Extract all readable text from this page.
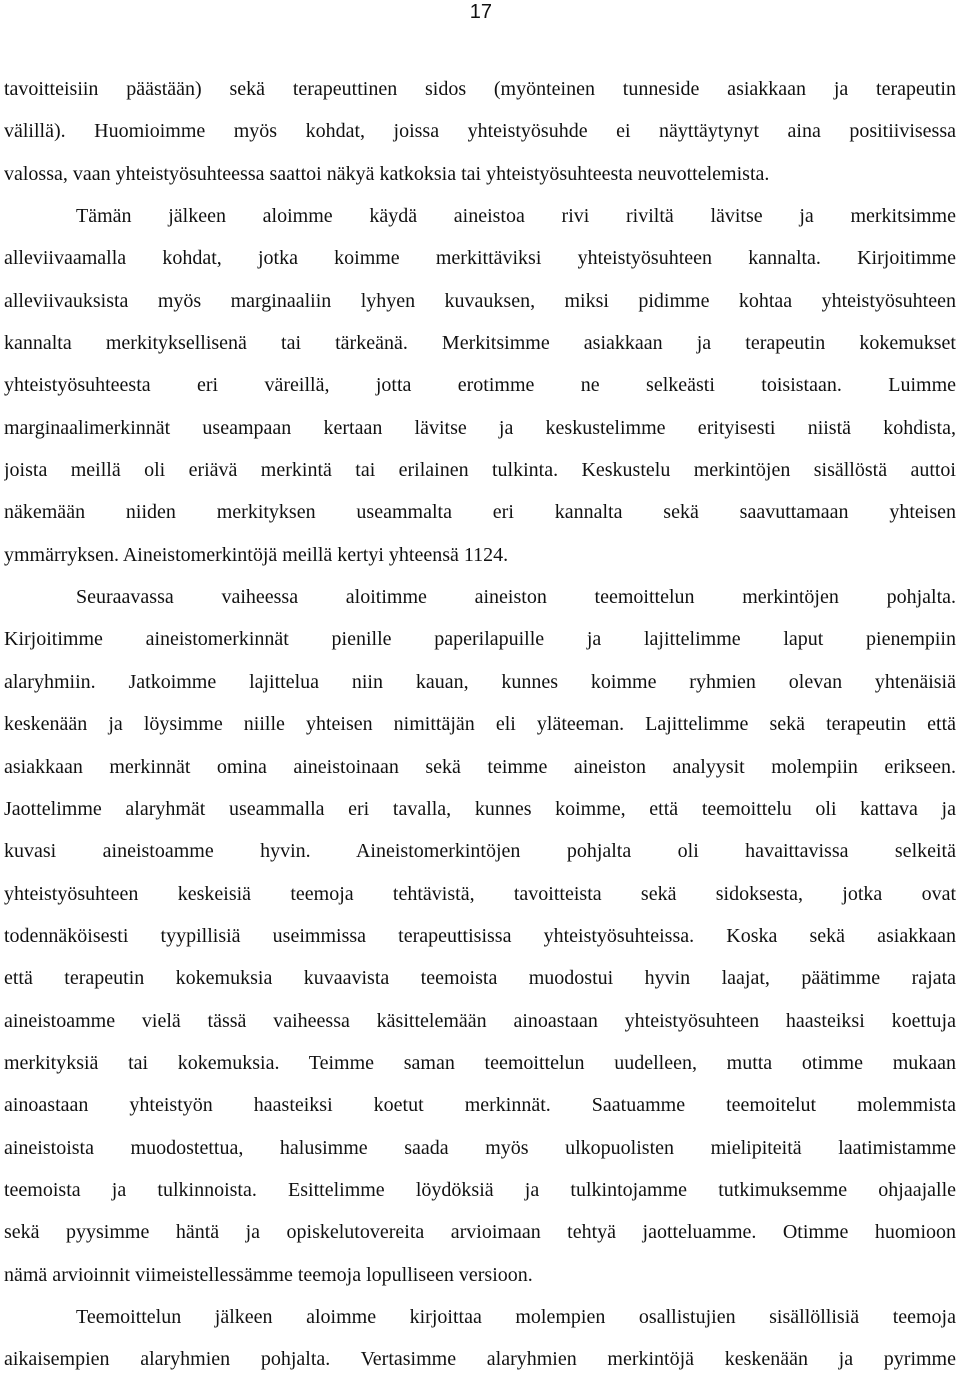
17
tavoitteisiin päästään) sekä terapeuttinen sidos (myönteinen tunneside asiakkaan ja terapeutin
välillä). Huomioimme myös kohdat, joissa yhteistyösuhde ei näyttäytynyt aina positiivisessa
valossa, vaan yhteistyösuhteessa saattoi näkyä katkoksia tai yhteistyösuhteesta neuvottelemista.
Tämän jälkeen aloimme käydä aineistoa rivi riviltä lävitse ja merkitsimme
alleviivaamalla kohdat, jotka koimme merkittäviksi yhteistyösuhteen kannalta. Kirjoitimme
alleviivauksista myös marginaaliin lyhyen kuvauksen, miksi pidimme kohtaa yhteistyösuhteen
kannalta merkityksellisenä tai tärkeänä. Merkitsimme asiakkaan ja terapeutin kokemukset
yhteistyösuhteesta eri väreillä, jotta erotimme ne selkeästi toisistaan. Luimme
marginaalimerkinnät useampaan kertaan lävitse ja keskustelimme erityisesti niistä kohdista,
joista meillä oli eriävä merkintä tai erilainen tulkinta. Keskustelu merkintöjen sisällöstä auttoi
näkemään niiden merkityksen useammalta eri kannalta sekä saavuttamaan yhteisen
ymmärryksen. Aineistomerkintöjä meillä kertyi yhteensä 1124.
Seuraavassa vaiheessa aloitimme aineiston teemoittelun merkintöjen pohjalta.
Kirjoitimme aineistomerkinnät pienille paperilapuille ja lajittelimme laput pienempiin
alaryhmiin. Jatkoimme lajittelua niin kauan, kunnes koimme ryhmien olevan yhtenäisiä
keskenään ja löysimme niille yhteisen nimittäjän eli yläteeman. Lajittelimme sekä terapeutin että
asiakkaan merkinnät omina aineistoinaan sekä teimme aineiston analyysit molempiin erikseen.
Jaottelimme alaryhmät useammalla eri tavalla, kunnes koimme, että teemoittelu oli kattava ja
kuvasi aineistoamme hyvin. Aineistomerkintöjen pohjalta oli havaittavissa selkeitä
yhteistyösuhteen keskeisiä teemoja tehtävistä, tavoitteista sekä sidoksesta, jotka ovat
todennäköisesti tyypillisiä useimmissa terapeuttisissa yhteistyösuhteissa. Koska sekä asiakkaan
että terapeutin kokemuksia kuvaavista teemoista muodostui hyvin laajat, päätimme rajata
aineistoamme vielä tässä vaiheessa käsittelemään ainoastaan yhteistyösuhteen haasteiksi koettuja
merkityksiä tai kokemuksia. Teimme saman teemoittelun uudelleen, mutta otimme mukaan
ainoastaan yhteistyön haasteiksi koetut merkinnät. Saatuamme teemoitelut molemmista
aineistoista muodostettua, halusimme saada myös ulkopuolisten mielipiteitä laatimistamme
teemoista ja tulkinnoista. Esittelimme löydöksiä ja tulkintojamme tutkimuksemme ohjaajalle
sekä pyysimme häntä ja opiskelutovereita arvioimaan tehtyä jaotteluamme. Otimme huomioon
nämä arvioinnit viimeistellessämme teemoja lopulliseen versioon.
Teemoittelun jälkeen aloimme kirjoittaa molempien osallistujien sisällöllisiä teemoja
aikaisempien alaryhmien pohjalta. Vertasimme alaryhmien merkintöjä keskenään ja pyrimme
